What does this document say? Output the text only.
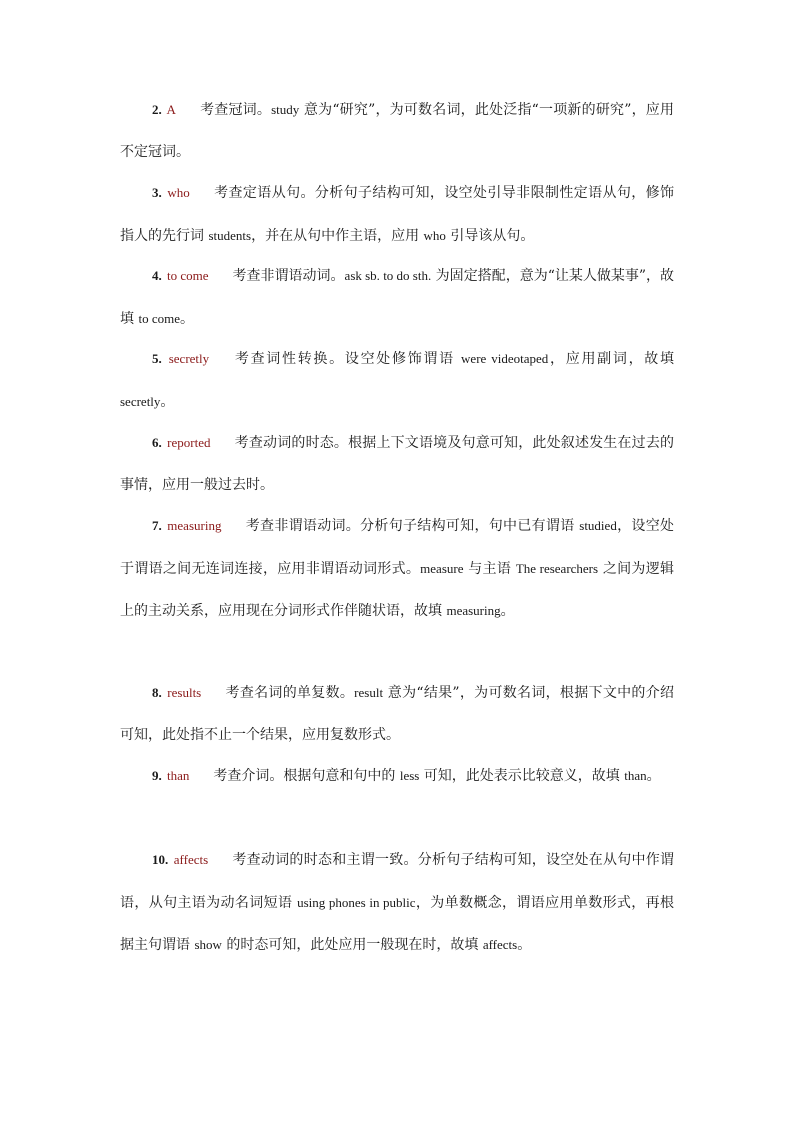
2. A 考查冠词。study 意为“研究”，为可数名词，此处泛指“一项新的研究”，应用不定冠词。
3. who 考查定语从句。分析句子结构可知，设空处引导非限制性定语从句，修饰指人的先行词 students，并在从句中作主语，应用 who 引导该从句。
4. to come 考查非谓语动词。ask sb. to do sth. 为固定搭配，意为“让某人做某事”，故填 to come。
5. secretly 考查词性转换。设空处修饰谓语 were videotaped，应用副词，故填 secretly。
6. reported 考查动词的时态。根据上下文语境及句意可知，此处叙述发生在过去的事情，应用一般过去时。
7. measuring 考查非谓语动词。分析句子结构可知，句中已有谓语 studied，设空处于谓语之间无连词连接，应用非谓语动词形式。measure 与主语 The researchers 之间为逻辑上的主动关系，应用现在分词形式作伴随状语，故填 measuring。
8. results 考查名词的单复数。result 意为“结果”，为可数名词，根据下文中的介绍可知，此处指不止一个结果，应用复数形式。
9. than 考查介词。根据句意和句中的 less 可知，此处表示比较意义，故填 than。
10. affects 考查动词的时态和主谓一致。分析句子结构可知，设空处在从句中作谓语，从句主语为动名词短语 using phones in public，为单数概念，谓语应用单数形式，再根据主句谓语 show 的时态可知，此处应用一般现在时，故填 affects。
